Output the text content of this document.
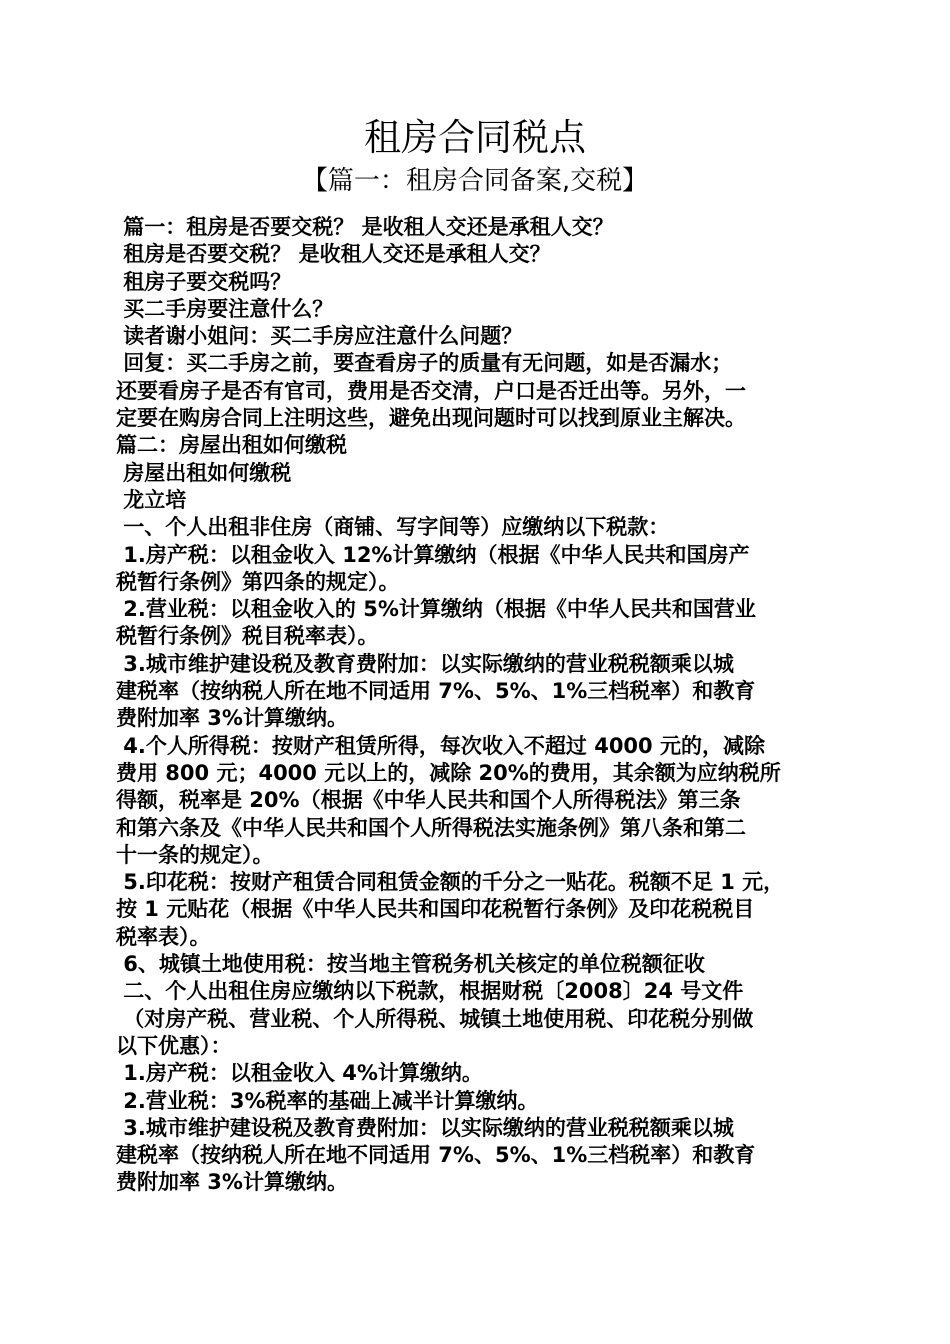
租房合同税点
【篇一：租房合同备案,交税】

篇一：租房是否要交税？ 是收租人交还是承租人交？

租房是否要交税？ 是收租人交还是承租人交？

租房子要交税吗？

买二手房要注意什么？

读者谢小姐问：买二手房应注意什么问题？

回复：买二手房之前，要查看房子的质量有无问题，如是否漏水；

还要看房子是否有官司，费用是否交清，户口是否迁出等。另外，一

定要在购房合同上注明这些，避免出现问题时可以找到原业主解决。

篇二：房屋出租如何缴税

房屋出租如何缴税

龙立培

一、个人出租非住房（商铺、写字间等）应缴纳以下税款：

1.房产税：以租金收入 12%计算缴纳（根据《中华人民共和国房产

税暂行条例》第四条的规定）。

2.营业税：以租金收入的 5%计算缴纳（根据《中华人民共和国营业

税暂行条例》税目税率表）。

3.城市维护建设税及教育费附加：以实际缴纳的营业税税额乘以城

建税率（按纳税人所在地不同适用 7%、5%、1%三档税率）和教育

费附加率 3%计算缴纳。

4.个人所得税：按财产租赁所得，每次收入不超过 4000 元的，减除

费用 800 元；4000 元以上的，减除 20%的费用，其余额为应纳税所

得额，税率是 20%（根据《中华人民共和国个人所得税法》第三条

和第六条及《中华人民共和国个人所得税法实施条例》第八条和第二

十一条的规定）。

5.印花税：按财产租赁合同租赁金额的千分之一贴花。税额不足 1 元，

按 1 元贴花（根据《中华人民共和国印花税暂行条例》及印花税税目

税率表）。

6、城镇土地使用税：按当地主管税务机关核定的单位税额征收

二、个人出租住房应缴纳以下税款，根据财税〔2008〕24 号文件

（对房产税、营业税、个人所得税、城镇土地使用税、印花税分别做

以下优惠）：

1.房产税：以租金收入 4%计算缴纳。

2.营业税：3%税率的基础上减半计算缴纳。

3.城市维护建设税及教育费附加：以实际缴纳的营业税税额乘以城

建税率（按纳税人所在地不同适用 7%、5%、1%三档税率）和教育

费附加率 3%计算缴纳。
